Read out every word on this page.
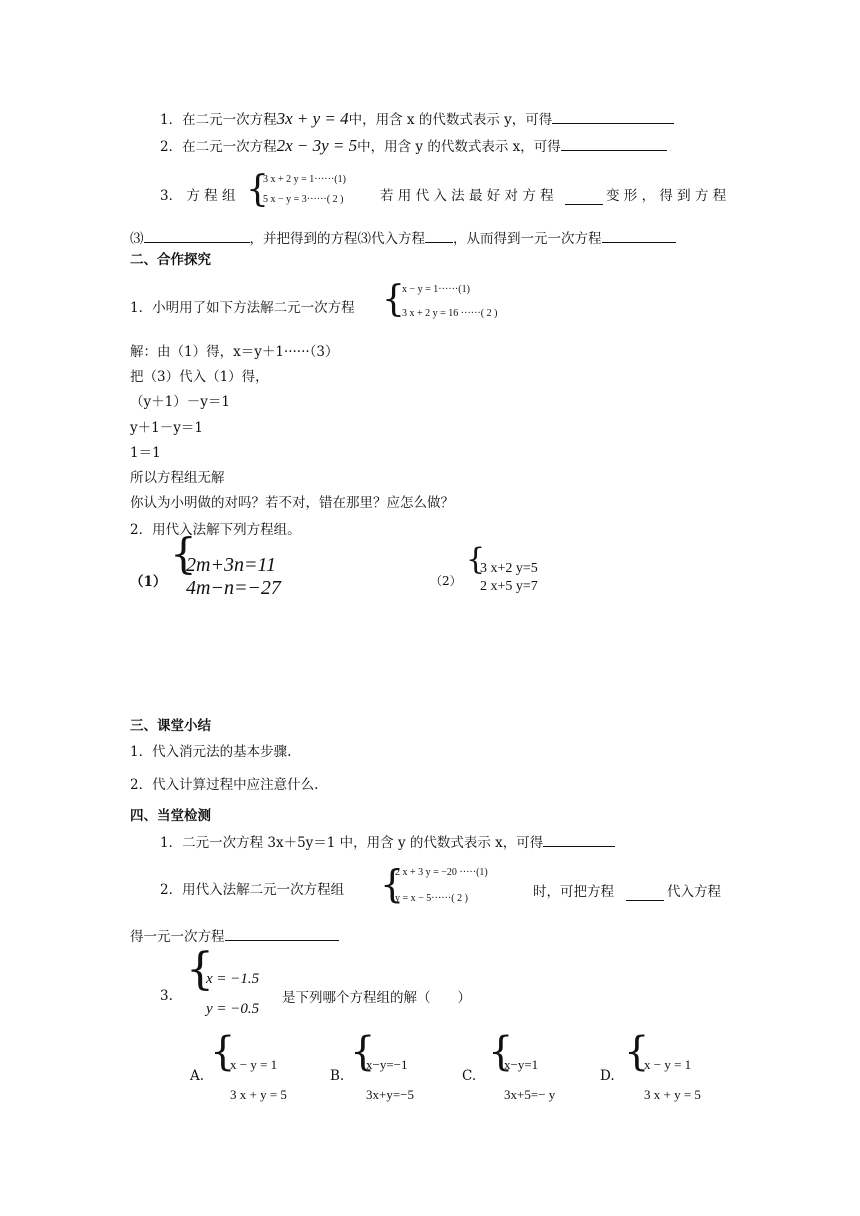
1．在二元一次方程3x + y = 4中，用含 x 的代数式表示 y，可得
2．在二元一次方程2x − 3y = 5中，用含 y 的代数式表示 x，可得
3． 方 程 组 {
3 x + 2 y = 1······(1)
5 x − y = 3······( 2 )	若 用 代 入 法 最 好 对 方 程	变 形 ， 得 到 方 程
⑶	，并把得到的方程⑶代入方程 ，从而得到一元一次方程
二、合作探究
1．小明用了如下方法解二元一次方程 {
x − y = 1······(1)
3 x + 2 y = 16 ······( 2 )
解：由（1）得，x＝y＋1······（3）
把（3）代入（1）得，
（y＋1）－y＝1
y＋1－y＝1
1＝1
所以方程组无解
你认为小明做的对吗？若不对，错在那里？应怎么做？
2．用代入法解下列方程组。
（1）
{
2m+3n=11
4m−n=−27	（2）
{
3 x+2 y=5
2 x+5 y=7
三、课堂小结
1．代入消元法的基本步骤.
2．代入计算过程中应注意什么.
四、当堂检测
1．二元一次方程 3x＋5y＝1 中，用含 y 的代数式表示 x，可得
2．用代入法解二元一次方程组 {
2 x + 3 y = −20 ·····(1)
y = x − 5······( 2 )	时，可把方程	代入方程
得一元一次方程
3.
{
x = −1.5
y = −0.5
是下列哪个方程组的解（　　）
A.
{
x − y = 1
3 x + y = 5
B.
{
x−y=−1
3x+y=−5
C.
{
x−y=1
3x+5=− y
D.
{
x − y = 1
3 x + y = 5
